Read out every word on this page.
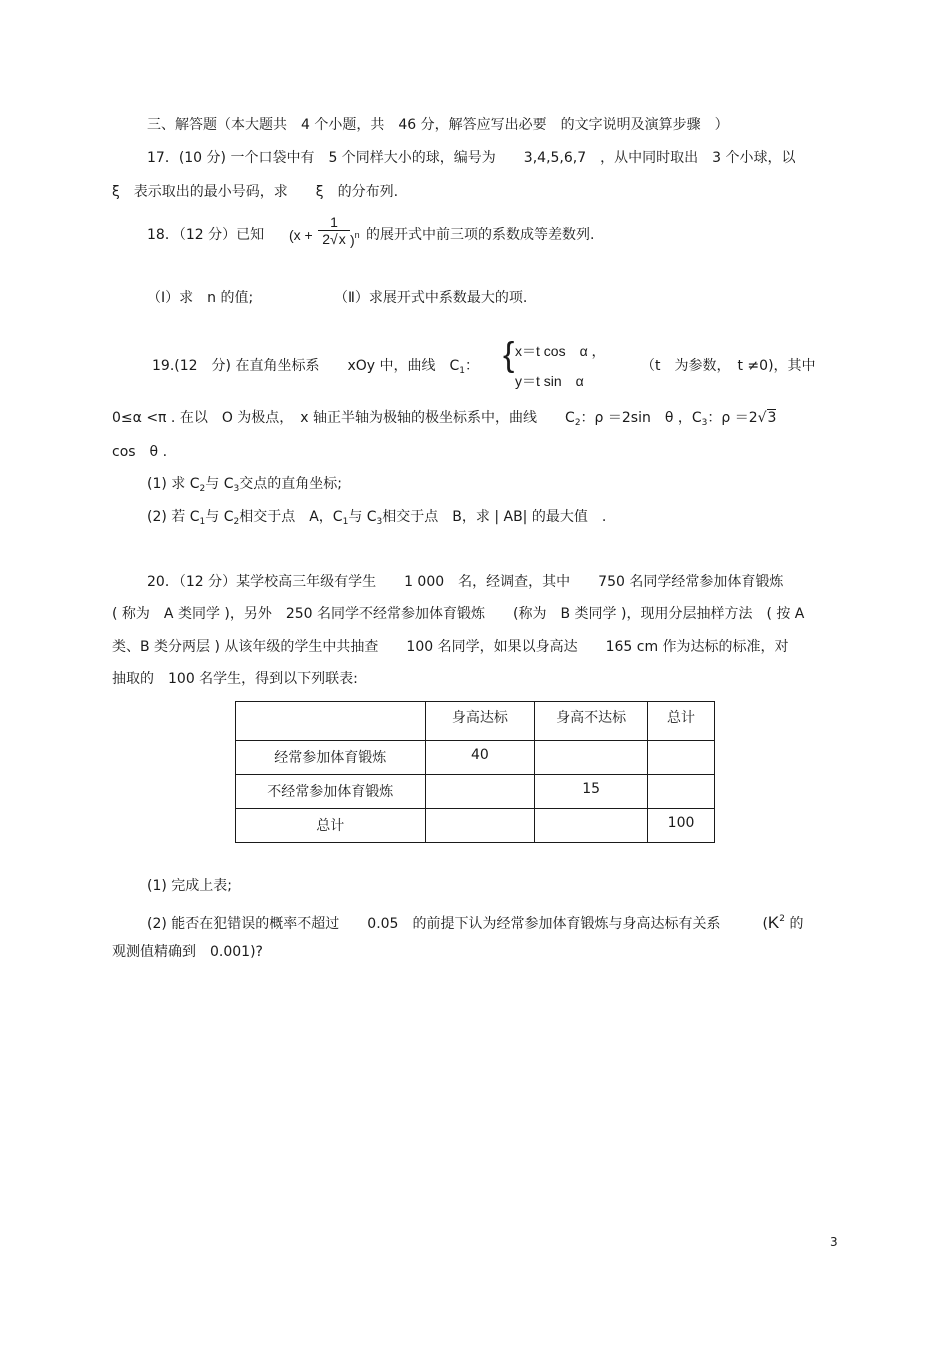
三、解答题（本大题共　4 个小题，共　46 分，解答应写出必要　的文字说明及演算步骤　）
17．(10 分) 一个口袋中有　5 个同样大小的球，编号为　　3,4,5,6,7　，从中同时取出　3 个小球，以
ξ　表示取出的最小号码，求　　ξ　的分布列.
18．（12 分）已知 (x +
1
2√x )$^n$ 的展开式中前三项的系数成等差数列.
（Ⅰ）求　n 的值;	（Ⅱ）求展开式中系数最大的项.
19.(12　分) 在直角坐标系　　xOy 中，曲线　$C_1$： { x＝t cos　α ，
y＝t sin　α
（t　为参数，　t ≠0)，其中
0≤α <π . 在以　O 为极点，　x 轴正半轴为极轴的极坐标系中，曲线　　$C_2$：ρ ＝2sin　θ ，$C_3$：ρ ＝2√3
cos　θ .
(1) 求 $C_2$与 $C_3$交点的直角坐标;
(2) 若 $C_1$与 $C_2$相交于点　A，$C_1$与 $C_3$相交于点　B，求 | AB| 的最大值　.
20．（12 分）某学校高三年级有学生　　1 000　名，经调查，其中　　750 名同学经常参加体育锻炼
( 称为　A 类同学 )，另外　250 名同学不经常参加体育锻炼　　(称为　B 类同学 )，现用分层抽样方法　( 按 A
类、B 类分两层 ) 从该年级的学生中共抽查　　100 名同学，如果以身高达　　165 cm 作为达标的标准，对
抽取的　100 名学生，得到以下列联表:
	身高达标	身高不达标	总计
经常参加体育锻炼	40		
不经常参加体育锻炼		15	
总计			100
(1) 完成上表;
(2) 能否在犯错误的概率不超过　　0.05　的前提下认为经常参加体育锻炼与身高达标有关系　　　($K^2$ 的
观测值精确到　0.001)?
3
